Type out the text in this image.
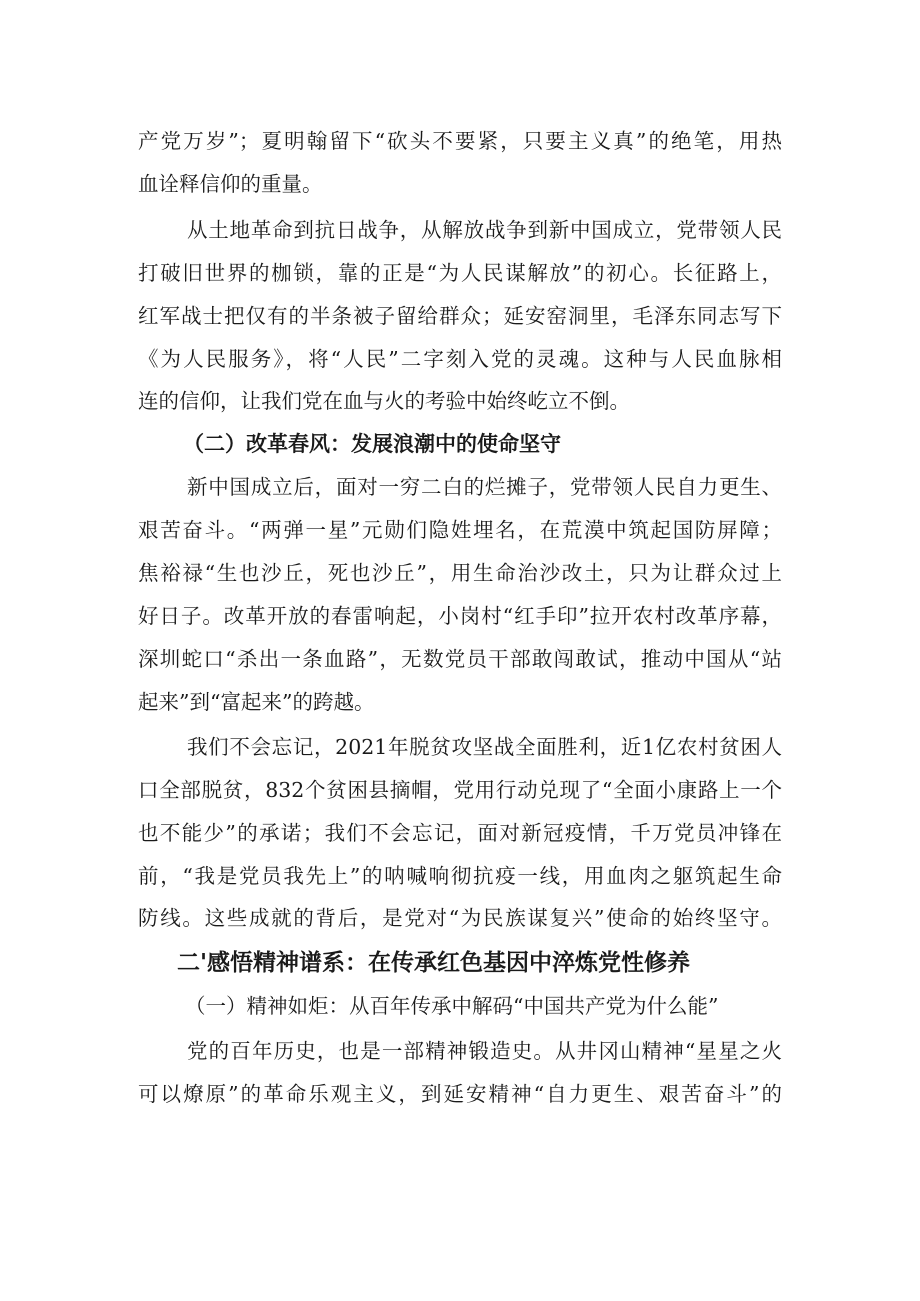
产党万岁”；夏明翰留下“砍头不要紧，只要主义真”的绝笔，用热
血诠释信仰的重量。
从土地革命到抗日战争，从解放战争到新中国成立，党带领人民
打破旧世界的枷锁，靠的正是“为人民谋解放”的初心。长征路上，
红军战士把仅有的半条被子留给群众；延安窑洞里，毛泽东同志写下
《为人民服务》，将“人民”二字刻入党的灵魂。这种与人民血脉相
连的信仰，让我们党在血与火的考验中始终屹立不倒。
（二）改革春风：发展浪潮中的使命坚守
新中国成立后，面对一穷二白的烂摊子，党带领人民自力更生、
艰苦奋斗。“两弹一星”元勋们隐姓埋名，在荒漠中筑起国防屏障；
焦裕禄“生也沙丘，死也沙丘”，用生命治沙改土，只为让群众过上
好日子。改革开放的春雷响起，小岗村“红手印”拉开农村改革序幕，
深圳蛇口“杀出一条血路”，无数党员干部敢闯敢试，推动中国从“站
起来”到“富起来”的跨越。
我们不会忘记，2021年脱贫攻坚战全面胜利，近1亿农村贫困人
口全部脱贫，832个贫困县摘帽，党用行动兑现了“全面小康路上一个
也不能少”的承诺；我们不会忘记，面对新冠疫情，千万党员冲锋在
前，“我是党员我先上”的呐喊响彻抗疫一线，用血肉之躯筑起生命
防线。这些成就的背后，是党对“为民族谋复兴”使命的始终坚守。
二'感悟精神谱系：在传承红色基因中淬炼党性修养
（一）精神如炬：从百年传承中解码“中国共产党为什么能”
党的百年历史，也是一部精神锻造史。从井冈山精神“星星之火
可以燎原”的革命乐观主义，到延安精神“自力更生、艰苦奋斗”的
